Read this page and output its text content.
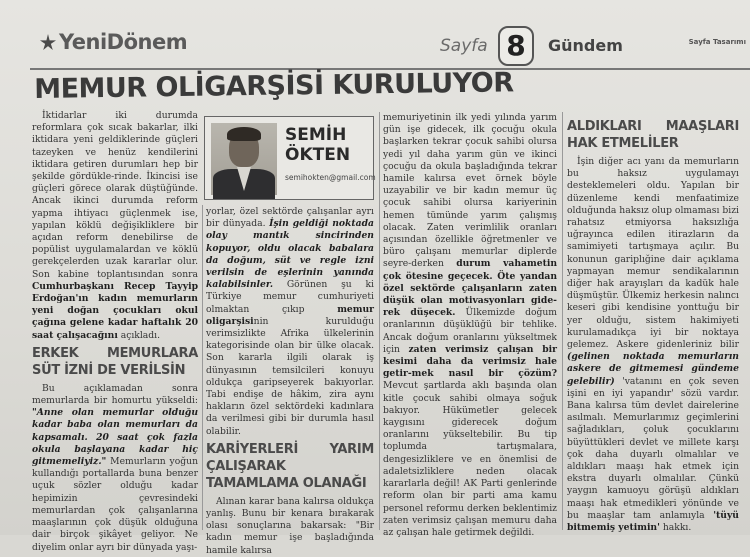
YeniDönem	Sayfa 8	Gündem	Sayfa Tasarımı
MEMUR OLİGARŞİSİ KURULUYOR

İktidarlar iki durumda reformlara çok sıcak bakarlar, ilki iktidara yeni geldiklerinde güçleri tazeyken ve henüz kendilerini iktidara getiren durumları hep bir şekilde gördükle-rinde. İkincisi ise güçleri görece olarak düştüğünde. Ancak ikinci durumda reform yapma ihtiyacı güçlenmek ise, yapılan köklü değişikliklere bir açıdan reform denebilirse de popülist uygulamalardan ve köklü gerekçelerden uzak kararlar olur. Son kabine toplantısından sonra Cumhurbaşkanı Recep Tayyip Erdoğan'ın kadın memurların yeni doğan çocukları okul çağına gelene kadar haftalık 20 saat çalışacağını açıkladı.

ERKEK MEMURLARA SÜT İZNİ DE VERİLSİN

Bu açıklamadan sonra memurlarda bir homurtu yükseldi: "Anne olan memurlar olduğu kadar baba olan memurları da kapsamalı. 20 saat çok fazla okula başlayana kadar hiç gitmemeliyiz." Memurların yoğun kullandığı portallarda buna benzer uçuk sözler olduğu kadar hepimizin çevresindeki memurlardan çok çalışanlarına maaşlarının çok düşük olduğuna dair birçok şikâyet geliyor. Ne diyelim onlar ayrı bir dünyada yaşı-

SEMİH
ÖKTEN
semihokten@gmail.com

yorlar, özel sektörde çalışanlar ayrı bir dünyada. İşin geldiği noktada olay mantık sincirinden kopuyor, oldu olacak babalara da doğum, süt ve regle izni verilsin de eşlerinin yanında kalabilsinler. Görünen şu ki Türkiye memur cumhuriyeti olmaktan çıkıp memur oligarşisinin kurulduğu verimsizlikte Afrika ülkelerinin kategorisinde olan bir ülke olacak. Son kararla ilgili olarak iş dünyasının temsilcileri konuyu oldukça garipseyerek bakıyorlar. Tabi endişe de hâkim, zira aynı hakların özel sektördeki kadınlara da verilmesi gibi bir durumla hasıl olabilir.

KARİYERLERİ YARIM ÇALIŞARAK TAMAMLAMA OLANAĞI

Alınan karar bana kalırsa oldukça yanlış. Bunu bir kenara bırakarak olası sonuçlarına bakarsak: "Bir kadın memur işe başladığında hamile kalırsa

memuriyetinin ilk yedi yılında yarım gün işe gidecek, ilk çocuğu okula başlarken tekrar çocuk sahibi olursa yedi yıl daha yarım gün ve ikinci çocuğu da okula başladığında tekrar hamile kalırsa evet örnek böyle uzayabilir ve bir kadın memur üç çocuk sahibi olursa kariyerinin hemen tümünde yarım çalışmış olacak. Zaten verimlilik oranları açısından özellikle öğretmenler ve büro çalışanı memurlar diplerde seyre-derken durum vahametin çok ötesine geçecek. Öte yandan özel sektörde çalışanların zaten düşük olan motivasyonları gide-rek düşecek. Ülkemizde doğum oranlarının düşüklüğü bir tehlike. Ancak doğum oranlarını yükseltmek için zaten verimsiz çalışan bir kesimi daha da verimsiz hale getir-mek nasıl bir çözüm? Mevcut şartlarda aklı başında olan kitle çocuk sahibi olmaya soğuk bakıyor. Hükümetler gelecek kaygısını giderecek doğum oranlarını yükseltebilir. Bu tip toplumda tartışmalara, dengesizliklere ve en önemlisi de adaletsizliklere neden olacak kararlarla değil! AK Parti genlerinde reform olan bir parti ama kamu personel reformu derken beklentimiz zaten verimsiz çalışan memuru daha az çalışan hale getirmek değildi.

ALDIKLARI MAAŞLARI HAK ETMELİLER

İşin diğer acı yanı da memurların bu haksız uygulamayı desteklemeleri oldu. Yapılan bir düzenleme kendi menfaatimize olduğunda haksız olup olmaması bizi rahatsız etmiyorsa haksızlığa uğrayınca edilen itirazların da samimiyeti tartışmaya açılır. Bu konunun gariplığine dair açıklama yapmayan memur sendikalarının diğer hak arayışları da kadük hale düşmüştür. Ülkemiz herkesin nalıncı keseri gibi kendisine yonttuğu bir yer olduğu, sistem hakimiyeti kurulamadıkça iyi bir noktaya gelemez. Askere gidenleriniz bilir (gelinen noktada memurların askere de gitmemesi gündeme gelebilir) 'vatanını en çok seven işini en iyi yapandır' sözü vardır. Bana kalırsa tüm devlet dairelerine asılmalı. Memurlarımız geçimlerini sağladıkları, çoluk çocuklarını büyüttükleri devlet ve millete karşı çok daha duyarlı olmalılar ve aldıkları maaşı hak etmek için ekstra duyarlı olmalılar. Çünkü yaygın kamuoyu görüşü aldıkları maaşı hak etmedikleri yönünde ve bu maaşlar tam anlamıyla 'tüyü bitmemiş yetimin' hakkı.
